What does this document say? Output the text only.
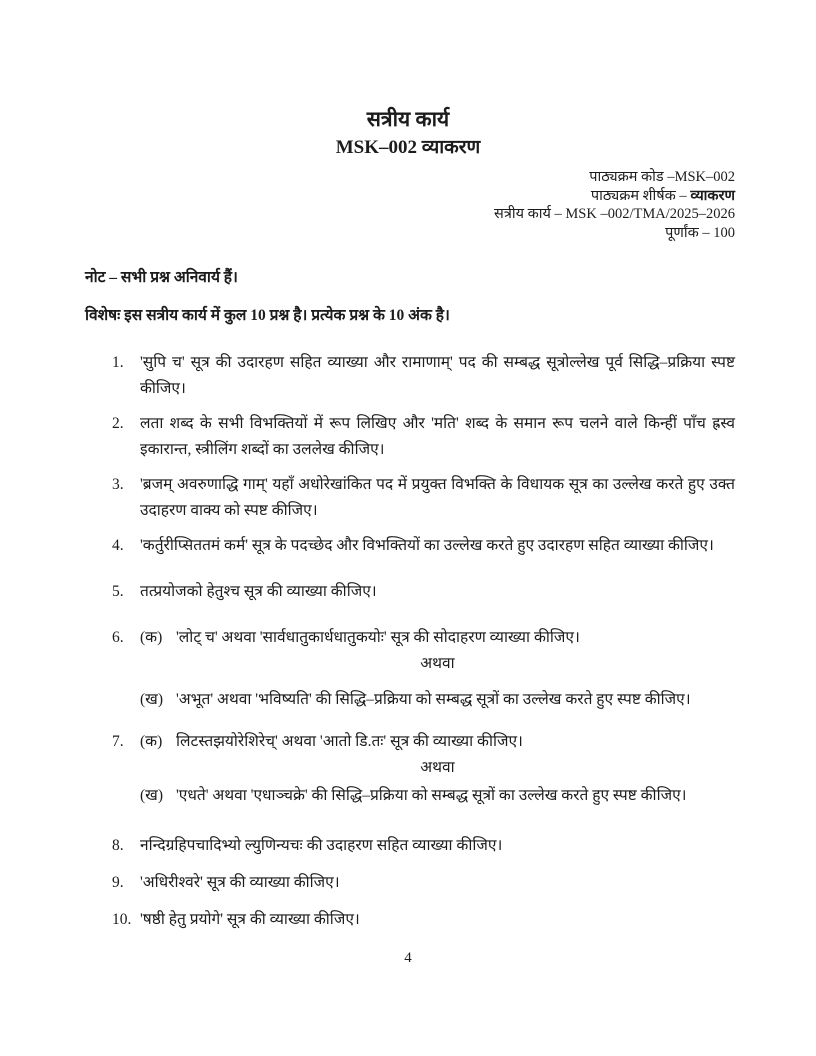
सत्रीय कार्य
MSK–002 व्याकरण
पाठ्यक्रम कोड –MSK–002
पाठ्यक्रम शीर्षक – व्याकरण
सत्रीय कार्य – MSK –002/TMA/2025–2026
पूर्णांक – 100
नोट – सभी प्रश्न अनिवार्य हैं।
विशेषः इस सत्रीय कार्य में कुल 10 प्रश्न है। प्रत्येक प्रश्न के 10 अंक है।
1.	'सुपि च' सूत्र की उदारहण सहित व्याख्या और रामाणाम्' पद की सम्बद्ध सूत्रोल्लेख पूर्व सिद्धि–प्रक्रिया स्पष्ट कीजिए।
2.	लता शब्द के सभी विभक्तियों में रूप लिखिए और 'मति' शब्द के समान रूप चलने वाले किन्हीं पाँच ह्रस्व इकारान्त, स्त्रीलिंग शब्दों का उललेख कीजिए।
3.	'ब्रजम् अवरुणाद्धि गाम्' यहाँ अधोरेखांकित पद में प्रयुक्त विभक्ति के विधायक सूत्र का उल्लेख करते हुए उक्त उदाहरण वाक्य को स्पष्ट कीजिए।
4.	'कर्तुरीप्सिततमं कर्म' सूत्र के पदच्छेद और विभक्तियों का उल्लेख करते हुए उदारहण सहित व्याख्या कीजिए।
5.	तत्प्रयोजको हेतुश्च सूत्र की व्याख्या कीजिए।
6.	(क) 'लोट् च' अथवा 'सार्वधातुकार्धधातुकयोः' सूत्र की सोदाहरण व्याख्या कीजिए।
अथवा
(ख) 'अभूत' अथवा 'भविष्यति' की सिद्धि–प्रक्रिया को सम्बद्ध सूत्रों का उल्लेख करते हुए स्पष्ट कीजिए।
7.	(क) लिटस्तझयोरेशिरेच्' अथवा 'आतो डि.तः' सूत्र की व्याख्या कीजिए।
अथवा
(ख) 'एधते' अथवा 'एधाञ्चक्रे' की सिद्धि–प्रक्रिया को सम्बद्ध सूत्रों का उल्लेख करते हुए स्पष्ट कीजिए।
8.	नन्दिग्रहिपचादिभ्यो ल्युणिन्यचः की उदाहरण सहित व्याख्या कीजिए।
9.	'अधिरीश्वरे' सूत्र की व्याख्या कीजिए।
10. 'षष्ठी हेतु प्रयोगे' सूत्र की व्याख्या कीजिए।
4
